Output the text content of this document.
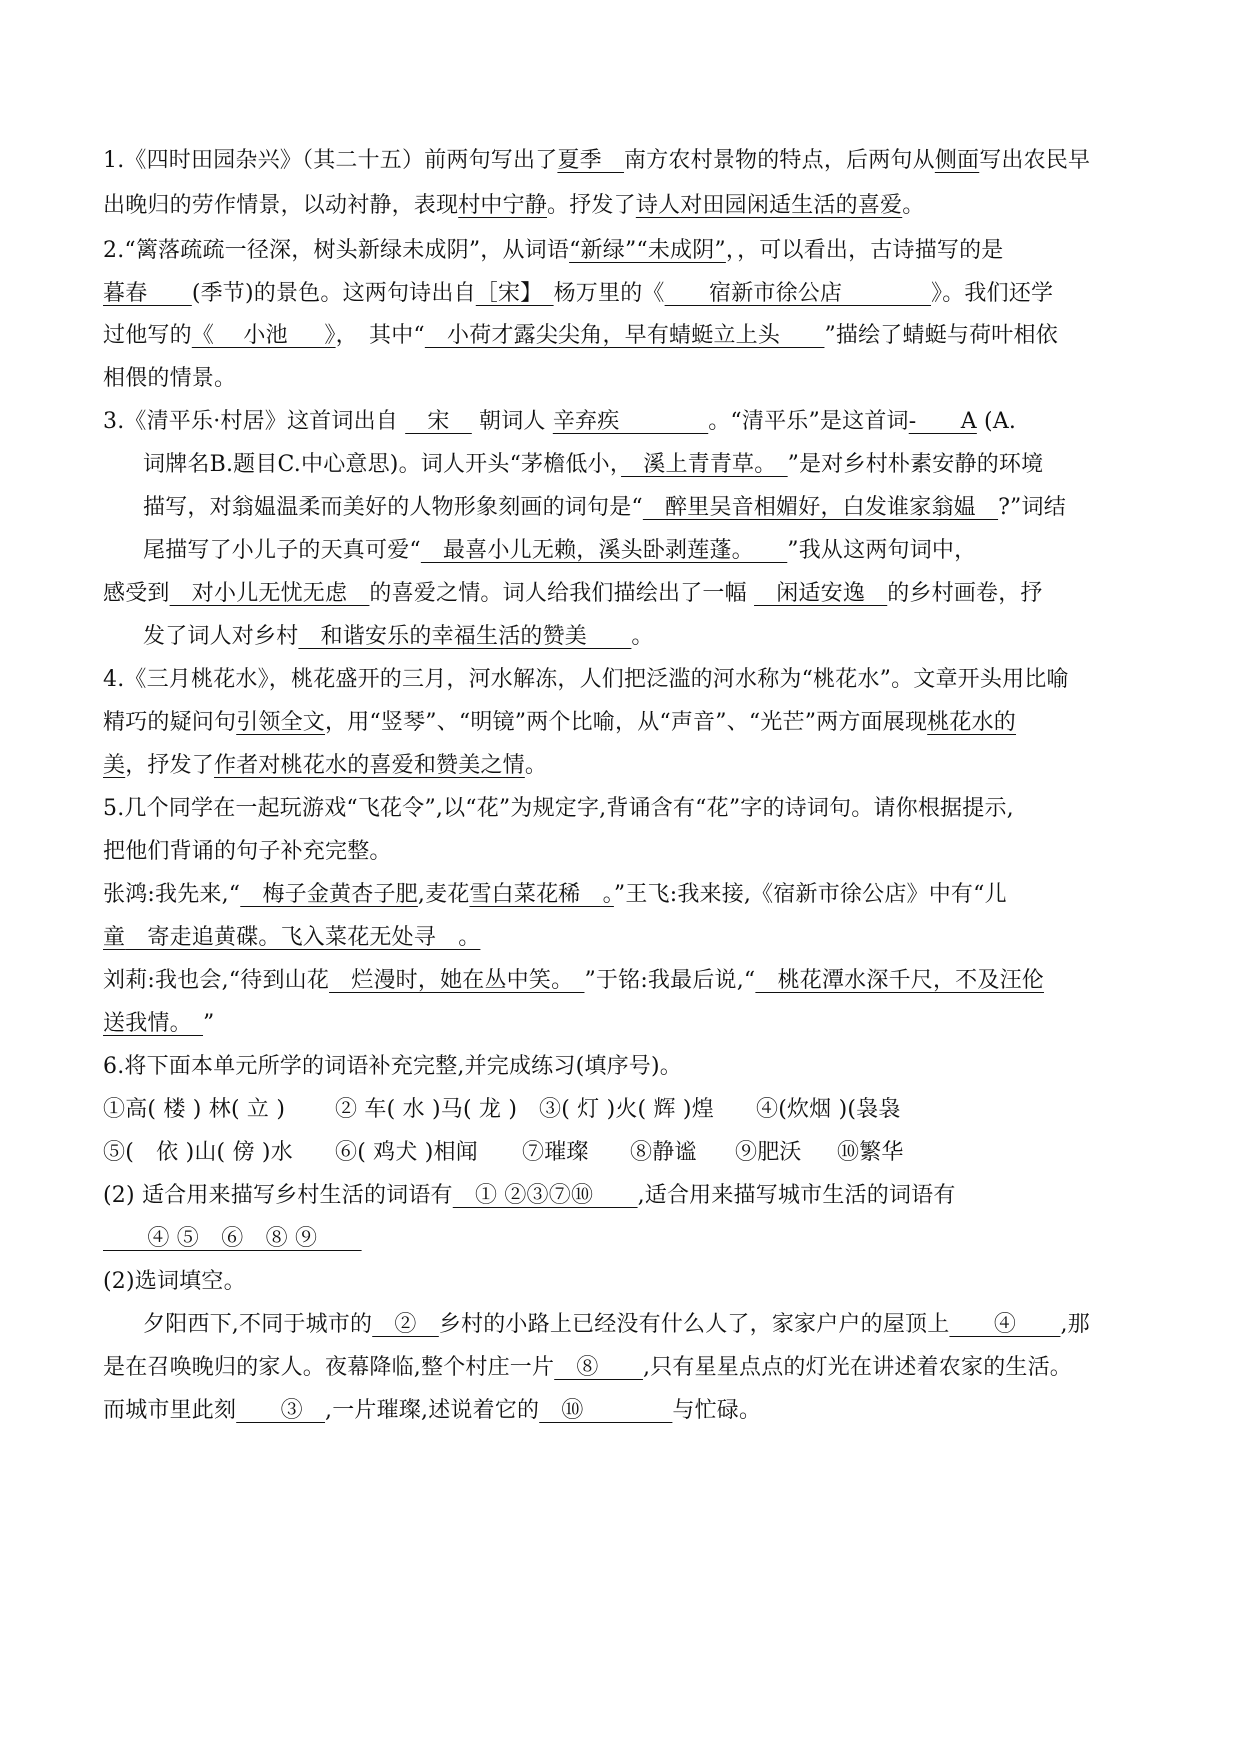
1.《四时田园杂兴》（其二十五）前两句写出了夏季　南方农村景物的特点，后两句从侧面写出农民早
出晚归的劳作情景，以动衬静，表现村中宁静。抒发了诗人对田园闲适生活的喜爱。
2.“篱落疏疏一径深，树头新绿未成阴”，从词语“新绿”“未成阴”，，可以看出，古诗描写的是
暮春　　(季节)的景色。这两句诗出自［宋】　杨万里的《　　宿新市徐公店　　　　》。我们还学
过他写的《　 小池 　 》，　其中“　小荷才露尖尖角，早有蜻蜓立上头　　”描绘了蜻蜓与荷叶相依
相偎的情景。
3.《清平乐·村居》这首词出自 　宋　 朝词人 辛弃疾　　　　。“清平乐”是这首词-　　A (A.
词牌名B.题目C.中心意思)。词人开头“茅檐低小，　溪上青青草。　”是对乡村朴素安静的环境
描写，对翁媪温柔而美好的人物形象刻画的词句是“　醉里吴音相媚好，白发谁家翁媪　?”词结
尾描写了小儿子的天真可爱“　最喜小儿无赖，溪头卧剥莲蓬。　　”我从这两句词中，
感受到　对小儿无忧无虑　的喜爱之情。词人给我们描绘出了一幅 　闲适安逸　的乡村画卷，抒
发了词人对乡村　和谐安乐的幸福生活的赞美　　。
4.《三月桃花水》，桃花盛开的三月，河水解冻，人们把泛滥的河水称为“桃花水”。文章开头用比喻
精巧的疑问句引领全文，用“竖琴”、“明镜”两个比喻，从“声音”、“光芒”两方面展现桃花水的
美，抒发了作者对桃花水的喜爱和赞美之情。
5.几个同学在一起玩游戏“飞花令”,以“花”为规定字,背诵含有“花”字的诗词句。请你根据提示,
把他们背诵的句子补充完整。
张鸿:我先来,“　梅子金黄杏子肥,麦花雪白菜花稀　。”王飞:我来接,《宿新市徐公店》中有“儿
童　寄走追黄碟。飞入菜花无处寻　。
刘莉:我也会,“待到山花　烂漫时，她在丛中笑。　”于铭:我最后说,“　桃花潭水深千尺，不及汪伦
送我情。　”
6.将下面本单元所学的词语补充完整,并完成练习(填序号)。
①高( 楼 ) 林( 立 ) ② 车( 水 )马( 龙 ) ③( 灯 )火( 辉 )煌 ④(炊烟 )(袅袅
⑤(　依 )山( 傍 )水 ⑥( 鸡犬 )相闻 ⑦璀璨 ⑧静谧 ⑨肥沃 ⑩繁华
(2) 适合用来描写乡村生活的词语有　① ②③⑦⑩　　,适合用来描写城市生活的词语有
　　④ ⑤　⑥　⑧ ⑨　　
(2)选词填空。
夕阳西下,不同于城市的　②　乡村的小路上已经没有什么人了，家家户户的屋顶上　　④　　,那
是在召唤晚归的家人。夜幕降临,整个村庄一片　⑧　　,只有星星点点的灯光在讲述着农家的生活。
而城市里此刻　　③　,一片璀璨,述说着它的　⑩　　　　与忙碌。
